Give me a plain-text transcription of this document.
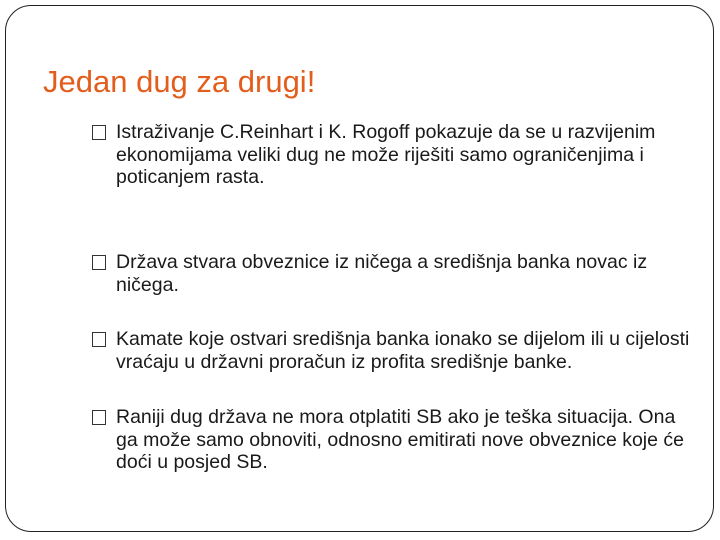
Jedan dug za drugi!
Istraživanje C.Reinhart i K. Rogoff pokazuje da se u razvijenim ekonomijama veliki dug ne može riješiti samo ograničenjima i poticanjem rasta.
Država stvara obveznice iz ničega a središnja banka novac iz ničega.
Kamate koje ostvari središnja banka ionako se dijelom ili u cijelosti vraćaju u državni proračun iz profita središnje banke.
Raniji dug država ne mora otplatiti SB ako je teška situacija. Ona ga može samo obnoviti, odnosno emitirati nove obveznice koje će doći u posjed SB.
